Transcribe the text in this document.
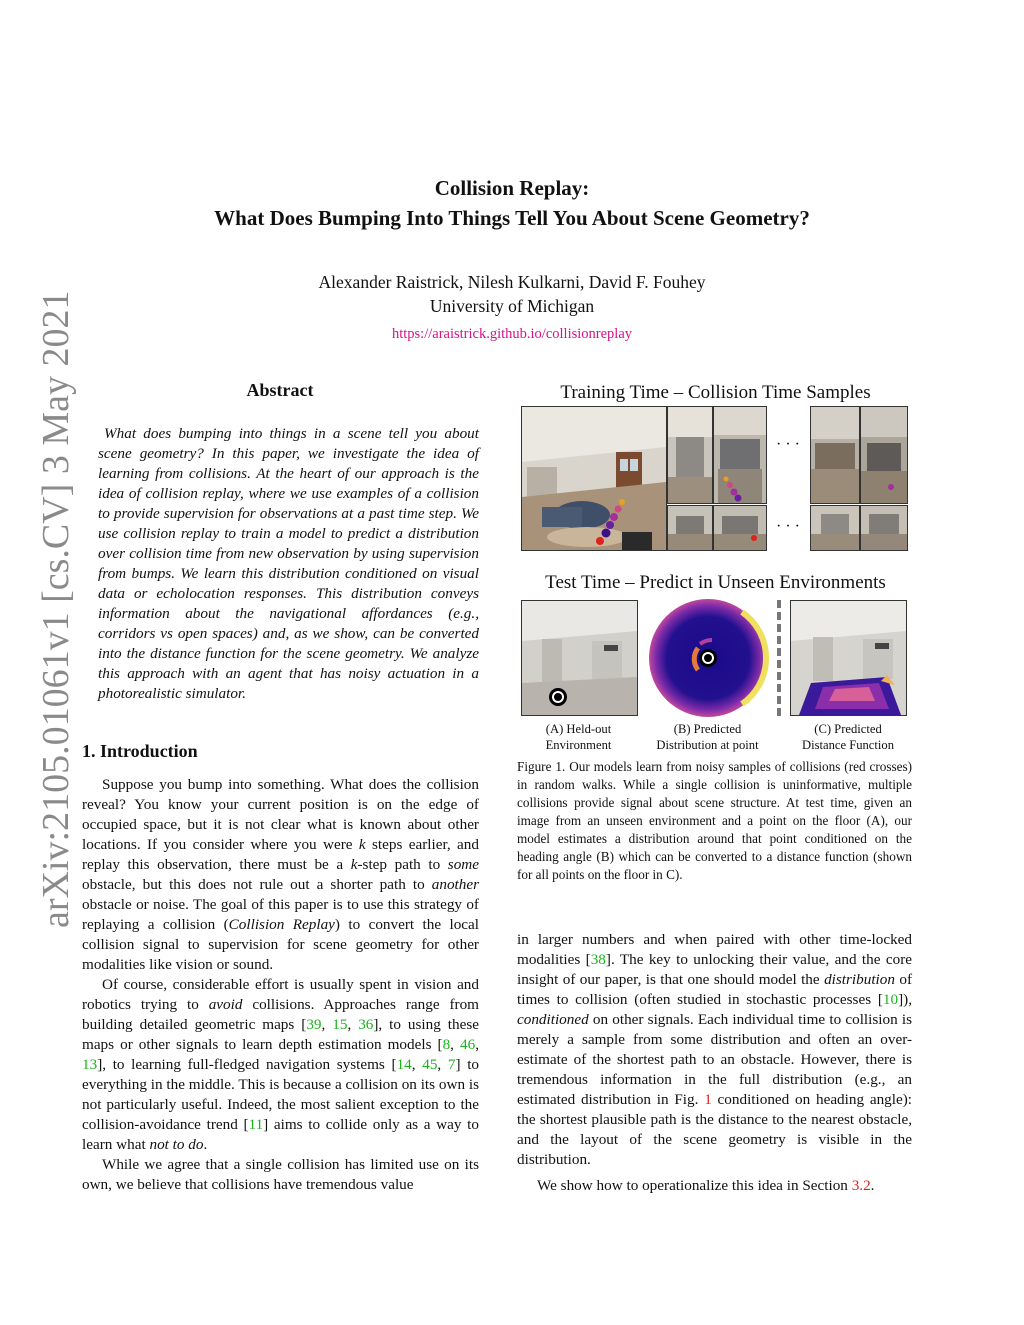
arXiv:2105.01061v1 [cs.CV] 3 May 2021
Collision Replay:
What Does Bumping Into Things Tell You About Scene Geometry?
Alexander Raistrick, Nilesh Kulkarni, David F. Fouhey
University of Michigan
https://araistrick.github.io/collisionreplay
Abstract
What does bumping into things in a scene tell you about scene geometry? In this paper, we investigate the idea of learning from collisions. At the heart of our approach is the idea of collision replay, where we use examples of a collision to provide supervision for observations at a past time step. We use collision replay to train a model to predict a distribution over collision time from new observation by using supervision from bumps. We learn this distribution conditioned on visual data or echolocation responses. This distribution conveys information about the navigational affordances (e.g., corridors vs open spaces) and, as we show, can be converted into the distance function for the scene geometry. We analyze this approach with an agent that has noisy actuation in a photorealistic simulator.
1. Introduction

Suppose you bump into something. What does the collision reveal? You know your current position is on the edge of occupied space, but it is not clear what is known about other locations. If you consider where you were k steps earlier, and replay this observation, there must be a k-step path to some obstacle, but this does not rule out a shorter path to another obstacle or noise. The goal of this paper is to use this strategy of replaying a collision (Collision Replay) to convert the local collision signal to supervision for scene geometry for other modalities like vision or sound.

Of course, considerable effort is usually spent in vision and robotics trying to avoid collisions. Approaches range from building detailed geometric maps [39, 15, 36], to using these maps or other signals to learn depth estimation models [8, 46, 13], to learning full-fledged navigation systems [14, 45, 7] to everything in the middle. This is because a collision on its own is not particularly useful. Indeed, the most salient exception to the collision-avoidance trend [11] aims to collide only as a way to learn what not to do.

While we agree that a single collision has limited use on its own, we believe that collisions have tremendous value

in larger numbers and when paired with other time-locked modalities [38]. The key to unlocking their value, and the core insight of our paper, is that one should model the distribution of times to collision (often studied in stochastic processes [10]), conditioned on other signals. Each individual time to collision is merely a sample from some distribution and often an over-estimate of the shortest path to an obstacle. However, there is tremendous information in the full distribution (e.g., an estimated distribution in Fig. 1 conditioned on heading angle): the shortest plausible path is the distance to the nearest obstacle, and the layout of the scene geometry is visible in the distribution.

We show how to operationalize this idea in Section 3.2.

Training Time – Collision Time Samples
· · ·
· · ·
Test Time – Predict in Unseen Environments
(A) Held-out
Environment
(B) Predicted
Distribution at point
(C) Predicted
Distance Function
Figure 1. Our models learn from noisy samples of collisions (red crosses) in random walks. While a single collision is uninformative, multiple collisions provide signal about scene structure. At test time, given an image from an unseen environment and a point on the floor (A), our model estimates a distribution around that point conditioned on the heading angle (B) which can be converted to a distance function (shown for all points on the floor in C).
